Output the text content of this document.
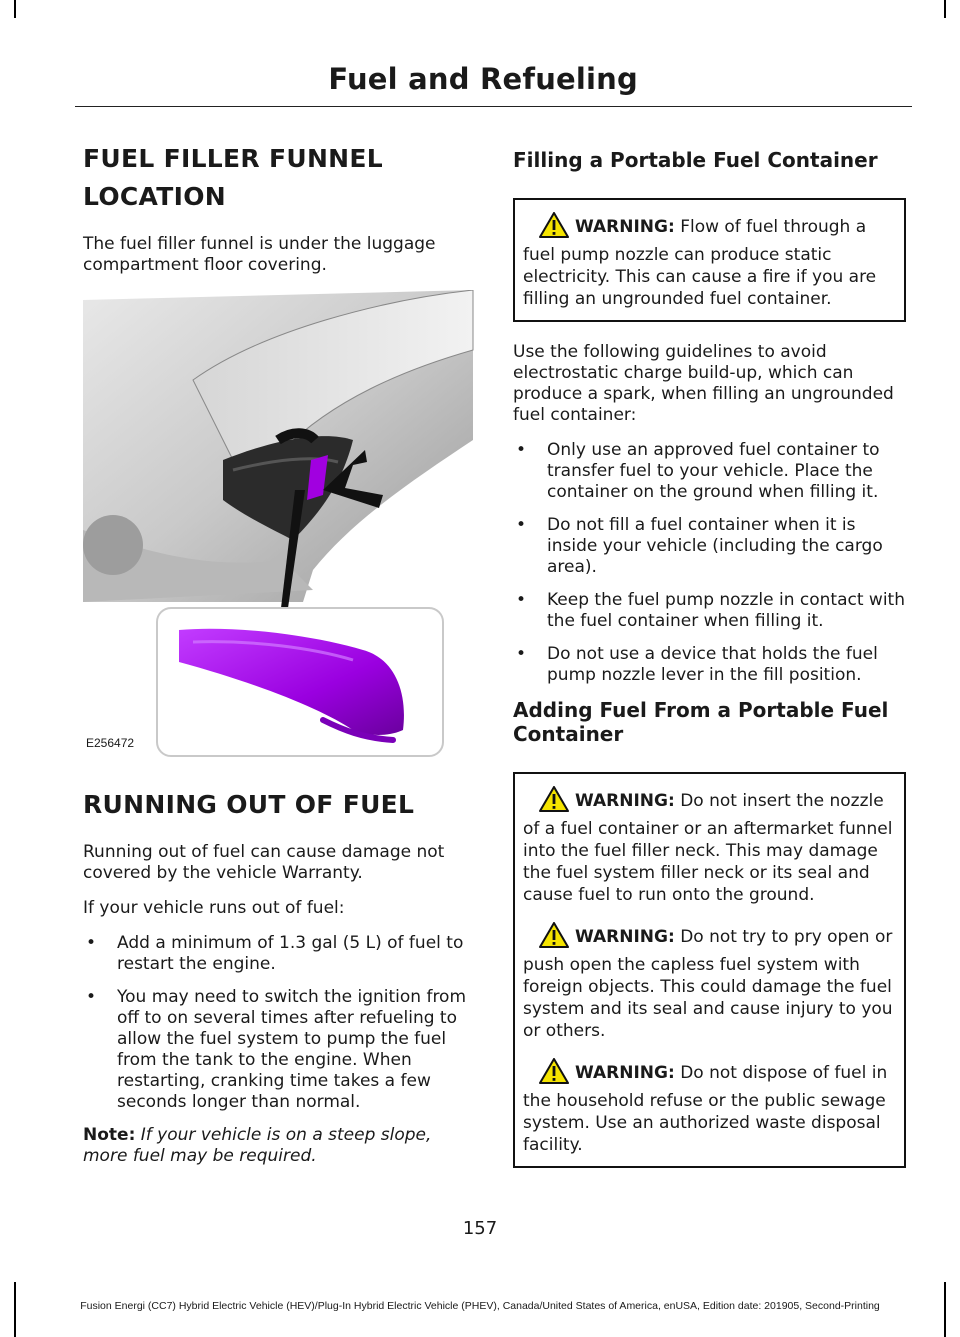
Fuel and Refueling
FUEL FILLER FUNNEL
LOCATION

The fuel filler funnel is under the luggage compartment floor covering.

E256472
RUNNING OUT OF FUEL

Running out of fuel can cause damage not covered by the vehicle Warranty.

If your vehicle runs out of fuel:

• Add a minimum of 1.3 gal (5 L) of fuel to restart the engine.
• You may need to switch the ignition from off to on several times after refueling to allow the fuel system to pump the fuel from the tank to the engine. When restarting, cranking time takes a few seconds longer than normal.

Note: If your vehicle is on a steep slope, more fuel may be required.

Filling a Portable Fuel Container
WARNING: Flow of fuel through a fuel pump nozzle can produce static electricity. This can cause a fire if you are filling an ungrounded fuel container.

Use the following guidelines to avoid electrostatic charge build-up, which can produce a spark, when filling an ungrounded fuel container:

• Only use an approved fuel container to transfer fuel to your vehicle. Place the container on the ground when filling it.
• Do not fill a fuel container when it is inside your vehicle (including the cargo area).
• Keep the fuel pump nozzle in contact with the fuel container when filling it.
• Do not use a device that holds the fuel pump nozzle lever in the fill position.
Adding Fuel From a Portable Fuel Container
WARNING: Do not insert the nozzle of a fuel container or an aftermarket funnel into the fuel filler neck. This may damage the fuel system filler neck or its seal and cause fuel to run onto the ground.
WARNING: Do not try to pry open or push open the capless fuel system with foreign objects. This could damage the fuel system and its seal and cause injury to you or others.
WARNING: Do not dispose of fuel in the household refuse or the public sewage system. Use an authorized waste disposal facility.
157
Fusion Energi (CC7) Hybrid Electric Vehicle (HEV)/Plug-In Hybrid Electric Vehicle (PHEV), Canada/United States of America, enUSA, Edition date: 201905, Second-Printing
